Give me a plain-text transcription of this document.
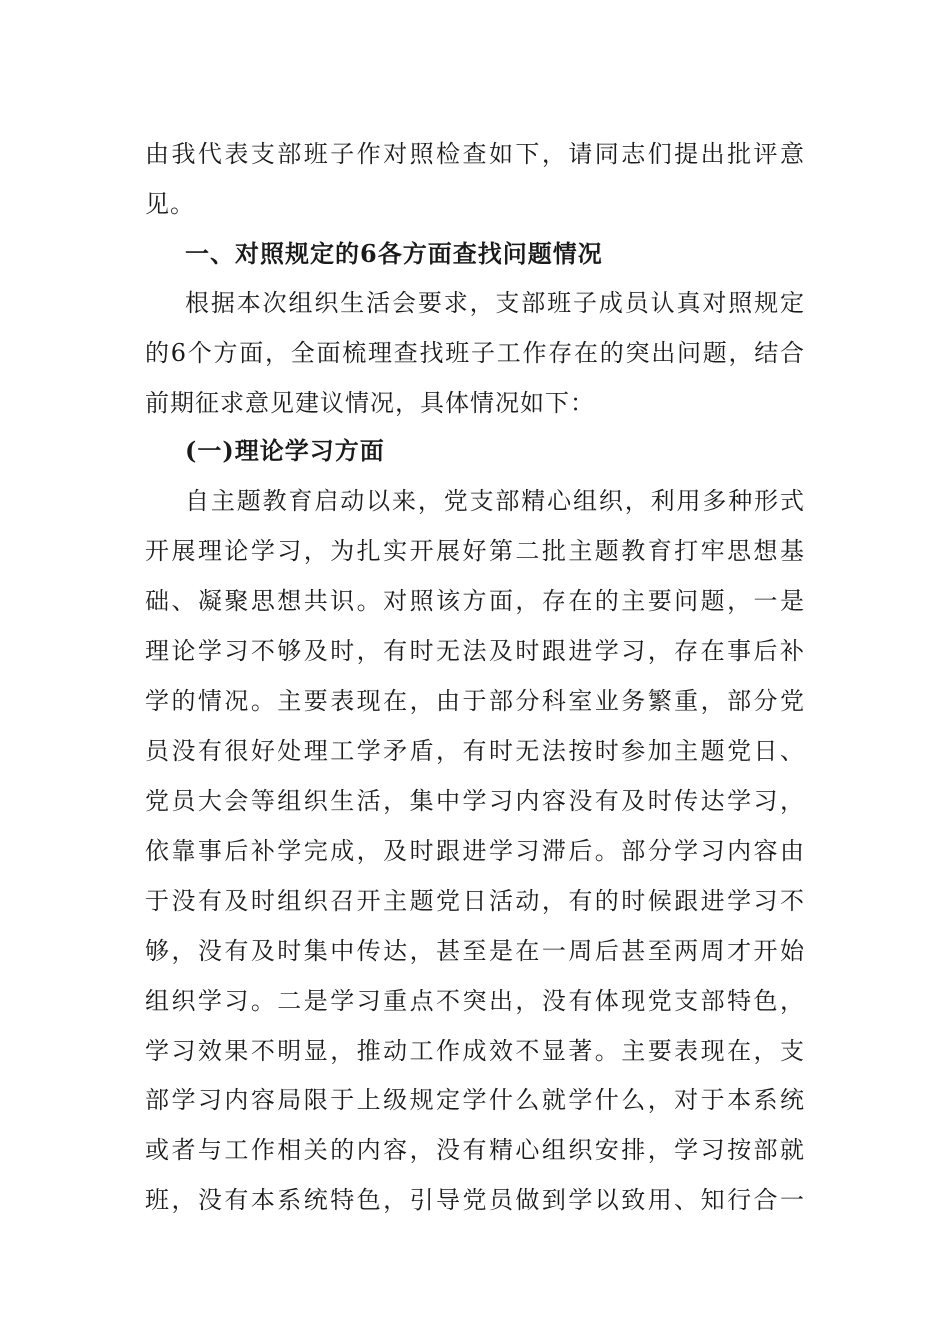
由我代表支部班子作对照检查如下，请同志们提出批评意
见。
一、对照规定的6各方面查找问题情况
根据本次组织生活会要求，支部班子成员认真对照规定
的6个方面，全面梳理查找班子工作存在的突出问题，结合
前期征求意见建议情况，具体情况如下：
(一)理论学习方面
自主题教育启动以来，党支部精心组织，利用多种形式
开展理论学习，为扎实开展好第二批主题教育打牢思想基
础、凝聚思想共识。对照该方面，存在的主要问题，一是
理论学习不够及时，有时无法及时跟进学习，存在事后补
学的情况。主要表现在，由于部分科室业务繁重，部分党
员没有很好处理工学矛盾，有时无法按时参加主题党日、
党员大会等组织生活，集中学习内容没有及时传达学习，
依靠事后补学完成，及时跟进学习滞后。部分学习内容由
于没有及时组织召开主题党日活动，有的时候跟进学习不
够，没有及时集中传达，甚至是在一周后甚至两周才开始
组织学习。二是学习重点不突出，没有体现党支部特色，
学习效果不明显，推动工作成效不显著。主要表现在，支
部学习内容局限于上级规定学什么就学什么，对于本系统
或者与工作相关的内容，没有精心组织安排，学习按部就
班，没有本系统特色，引导党员做到学以致用、知行合一
